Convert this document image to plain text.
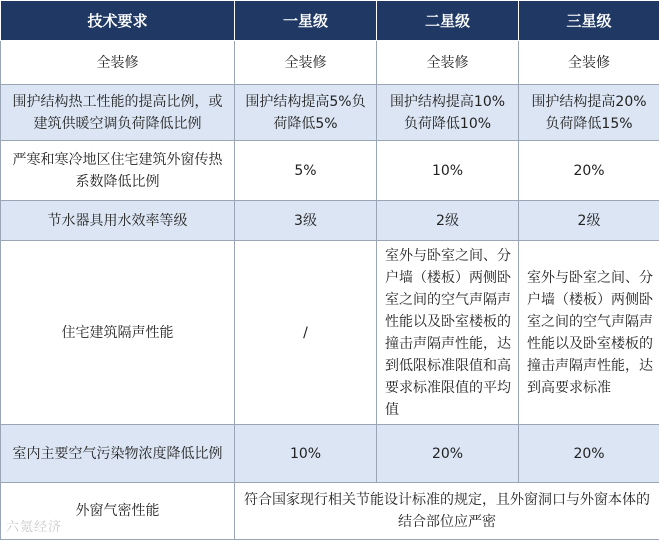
技术要求	一星级	二星级	三星级
全装修	全装修	全装修	全装修
围护结构热工性能的提高比例，或建筑供暖空调负荷降低比例	围护结构提高5%负荷降低5%	围护结构提高10%负荷降低10%	围护结构提高20%负荷降低15%
严寒和寒冷地区住宅建筑外窗传热系数降低比例	5%	10%	20%
节水器具用水效率等级	3级	2级	2级
住宅建筑隔声性能	/	室外与卧室之间、分户墙（楼板）两侧卧室之间的空气声隔声性能以及卧室楼板的撞击声隔声性能，达到低限标准限值和高要求标准限值的平均值	室外与卧室之间、分户墙（楼板）两侧卧室之间的空气声隔声性能以及卧室楼板的撞击声隔声性能，达到高要求标准
室内主要空气污染物浓度降低比例	10%	20%	20%
外窗气密性能	符合国家现行相关节能设计标准的规定，且外窗洞口与外窗本体的结合部位应严密		
六氪经济
